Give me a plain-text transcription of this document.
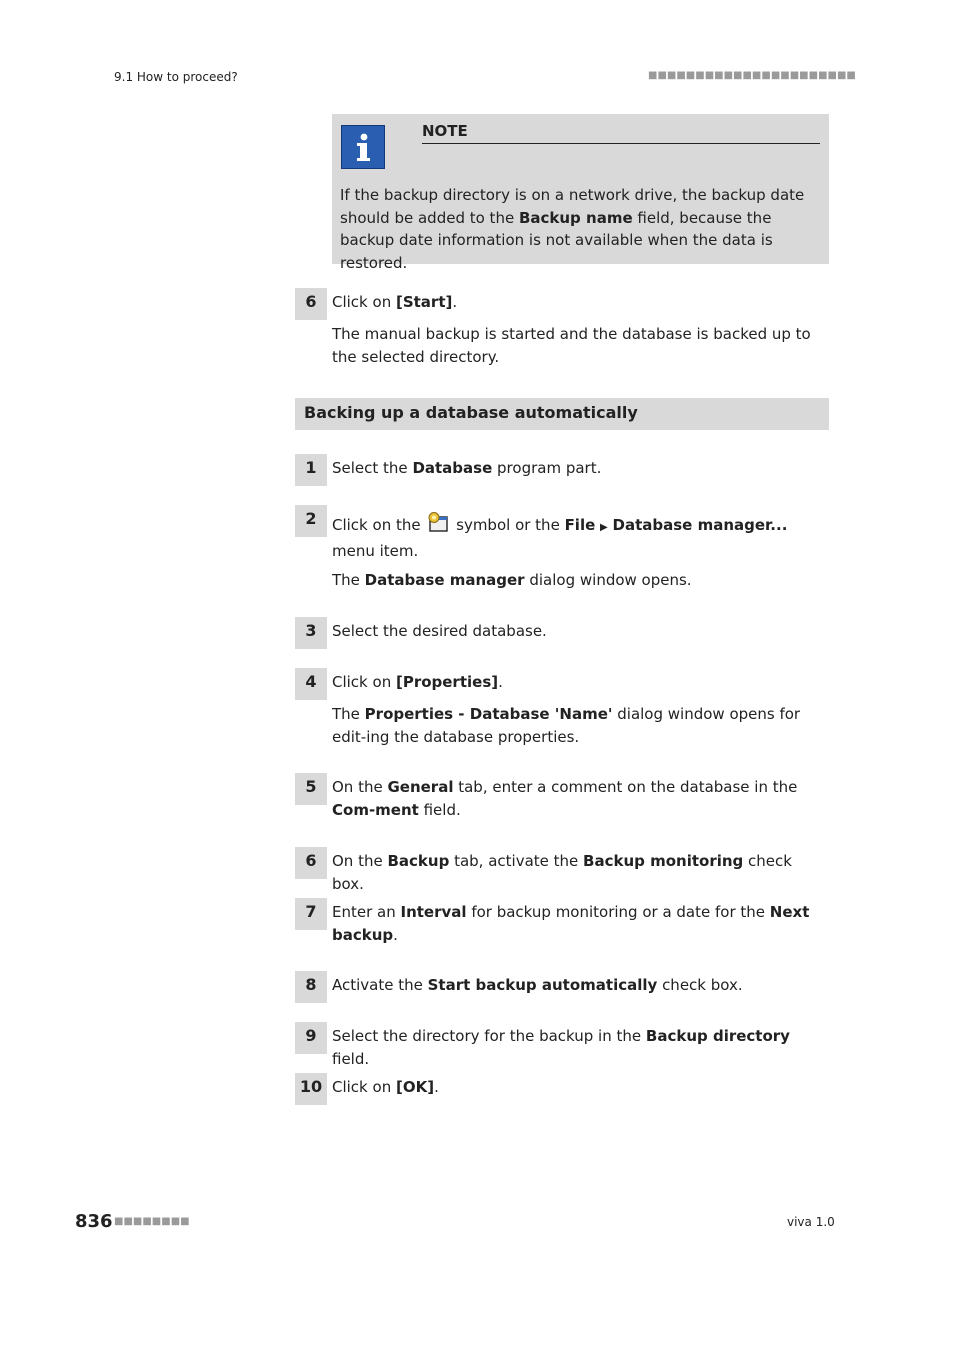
9.1 How to proceed?	■■■■■■■■■■■■■■■■■■■■■■
NOTE
If the backup directory is on a network drive, the backup date should be added to the Backup name field, because the backup date information is not available when the data is restored.
6	Click on [Start].
The manual backup is started and the database is backed up to the selected directory.
Backing up a database automatically
1	Select the Database program part.
2	Click on the  symbol or the File ▶ Database manager... menu item.
The Database manager dialog window opens.
3	Select the desired database.
4	Click on [Properties].
The Properties - Database 'Name' dialog window opens for edit-ing the database properties.
5	On the General tab, enter a comment on the database in the Com-ment field.
6	On the Backup tab, activate the Backup monitoring check box.
7	Enter an Interval for backup monitoring or a date for the Next backup.
8	Activate the Start backup automatically check box.
9	Select the directory for the backup in the Backup directory field.
10 Click on [OK].
836 ■■■■■■■■	viva 1.0
